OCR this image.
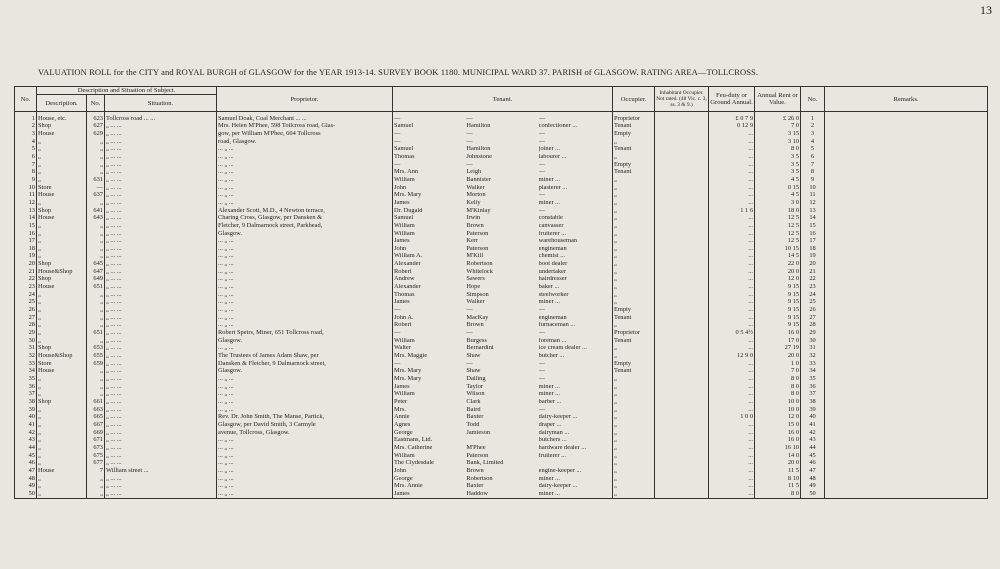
13
VALUATION ROLL for the CITY and ROYAL BURGH of GLASGOW for the YEAR 1913-14. SURVEY BOOK 1180. MUNICIPAL WARD 37. PARISH of GLASGOW. RATING AREA—TOLLCROSS.
No.	Description and Situation of Subject.			Proprietor.	Tenant.	Occupier.	Inhabitant Occupier. Not rated. (48 Vic. c. 3, ss. 3 & 9.)	Feu-duty or Ground Annual.	Annual Rent or Value.	No.	Remarks.
	Description.	No.	Situation.								
1	House, etc.	623	Tollcross road ... ...	Samuel Doak, Coal Merchant ... ...	— — —	Proprietor		£ 0 7 9	£ 26 0	1	
2	Shop	627	„ ... ...	Mrs. Helen M'Phee, 598 Tollcross road, Glas-	Samuel Hamilton confectioner ...	Tenant		0 12 9	7 0	2	
3	House	629	„ ... ...	gow, per William M'Phee, 604 Tollcross	— — —	Empty		...	3 15	3	
4	„	„	„ ... ...	road, Glasgow.	— — —	„		...	3 10	4	
5	„	„	„ ... ...	... „ ...	Samuel Hamilton joiner ...	Tenant		...	8 0	5	
6	„	„	„ ... ...	... „ ...	Thomas Johnstone labourer ...	„		...	3 5	6	
7	„	„	„ ... ...	... „ ...	— — —	Empty		...	3 5	7	
8	„	„	„ ... ...	... „ ...	Mrs. Ann Leigh —	Tenant		...	3 5	8	
9	„	631	„ ... ...	... „ ...	William Bannister miner ...	„		...	4 5	9	
10	Store	—	„ ... ...	... „ ...	John Walker plasterer ...	„		...	0 15	10	
11	House	637	„ ... ...	... „ ...	Mrs. Mary Morton —	„		...	4 5	11	
12	„	„	„ ... ...	... „ ...	James Kelly miner ...	„		...	3 0	12	
13	Shop	641	„ ... ...	Alexander Scott, M.D., 4 Newton terrace,	Dr. Dugald M'Kinlay —	„		1 1 6	18 0	13	
14	House	643	„ ... ...	Charing Cross, Glasgow, per Dansken &	Samuel Irwin constable	„		...	12 5	14	
15	„	„	„ ... ...	Fletcher, 9 Dalmarnock street, Parkhead,	William Brown canvasser	„		...	12 5	15	
16	„	„	„ ... ...	Glasgow.	William Paterson fruiterer ...	„		...	12 5	16	
17	„	„	„ ... ...	... „ ...	James Kerr warehouseman	„		...	12 5	17	
18	„	„	„ ... ...	... „ ...	John Paterson engineman	„		...	10 15	18	
19	„	„	„ ... ...	... „ ...	William A. M'Kill chemist ...	„		...	14 5	19	
20	Shop	645	„ ... ...	... „ ...	Alexander Robertson boot dealer	„		...	22 0	20	
21	House&Shop	647	„ ... ...	... „ ...	Robert Whitelock undertaker	„		...	20 0	21	
22	Shop	649	„ ... ...	... „ ...	Andrew Sawers hairdresser	„		...	12 0	22	
23	House	651	„ ... ...	... „ ...	Alexander Hope baker ...	„		...	9 15	23	
24	„	„	„ ... ...	... „ ...	Thomas Simpson steelworker	„		...	9 15	24	
25	„	„	„ ... ...	... „ ...	James Walker miner ...	„		...	9 15	25	
26	„	„	„ ... ...	... „ ...	— — —	Empty		...	9 15	26	
27	„	„	„ ... ...	... „ ...	John A. MacKay engineman	Tenant		...	9 15	27	
28	„	„	„ ... ...	... „ ...	Robert Brown furnaceman ...	„		...	9 15	28	
29	„	651	„ ... ...	Robert Speirs, Miner, 651 Tollcross road,	— — —	Proprietor		0 5 4½	16 0	29	
30	„	„	„ ... ...	Glasgow.	William Burgess foreman ...	Tenant		...	17 0	30	
31	Shop	653	„ ... ...	... „ ...	Walter Bernardini ice cream dealer ...	„		...	27 19	31	
32	House&Shop	655	„ ... ...	The Trustees of James Adam Shaw, per	Mrs. Maggie Shaw butcher ...	„		12 9 0	20 0	32	
33	Store	659	„ ... ...	Dansken & Fletcher, 9 Dalmarnock street,	— — —	Empty		...	1 0	33	
34	House	„	„ ... ...	Glasgow.	Mrs. Mary Shaw —	Tenant		...	7 0	34	
35	„	„	„ ... ...	... „ ...	Mrs. Mary Dalling —	„		...	8 0	35	
36	„	„	„ ... ...	... „ ...	James Taylor miner ...	„		...	8 0	36	
37	„	„	„ ... ...	... „ ...	William Wilson miner ...	„		...	8 0	37	
38	Shop	661	„ ... ...	... „ ...	Peter Clark barber ...	„		...	10 0	38	
39	„	663	„ ... ...	... „ ...	Mrs. Baird —	„		...	10 0	39	
40	„	665	„ ... ...	Rev. Dr. John Smith, The Manse, Partick,	Annie Baxter dairy-keeper ...	„		1 0 0	12 0	40	
41	„	667	„ ... ...	Glasgow, per David Smith, 3 Carmyle	Agnes Todd draper ...	„		...	15 0	41	
42	„	669	„ ... ...	avenue, Tollcross, Glasgow.	George Jamieson dairyman ...	„		...	16 0	42	
43	„	671	„ ... ...	... „ ...	Eastmans, Ltd. butchers ...	„		...	16 0	43	
44	„	673	„ ... ...	... „ ...	Mrs. Catherine M'Phee hardware dealer ...	„		...	16 10	44	
45	„	675	„ ... ...	... „ ...	William Paterson fruiterer ...	„		...	14 0	45	
46	„	677	„ ... ...	... „ ...	The Clydesdale Bank, Limited	„		...	20 0	46	
47	House	7	William street ...	... „ ...	John Brown engine-keeper ...	„		...	11 5	47	
48	„	„	„ ... ...	... „ ...	George Robertson miner ...	„		...	8 10	48	
49	„	„	„ ... ...	... „ ...	Mrs. Annie Baxter dairy-keeper ...	„		...	11 5	49	
50	„	„	„ ... ...	... „ ...	James Haddow miner ...	„		...	8 0	50	
